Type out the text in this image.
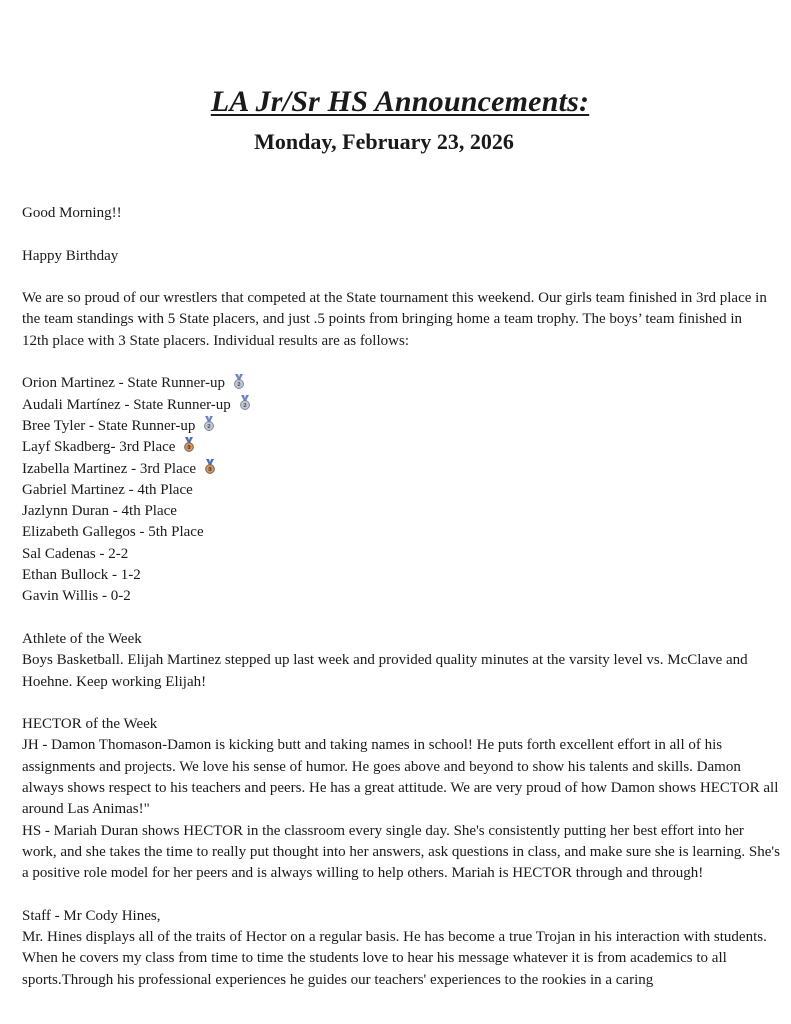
LA Jr/Sr HS Announcements:
Monday, February 23, 2026

Good Morning!!

Happy Birthday

We are so proud of our wrestlers that competed at the State tournament this weekend. Our girls team finished in 3rd place in the team standings with 5 State placers, and just .5 points from bringing home a team trophy. The boys’ team finished in 12th place with 3 State placers. Individual results are as follows:

Orion Martinez - State Runner-up 2
Audali Martínez - State Runner-up 2
Bree Tyler - State Runner-up 2
Layf Skadberg- 3rd Place 3
Izabella Martinez - 3rd Place 3
Gabriel Martinez - 4th Place
Jazlynn Duran - 4th Place
Elizabeth Gallegos - 5th Place
Sal Cadenas - 2-2
Ethan Bullock - 1-2
Gavin Willis - 0-2

Athlete of the Week

Boys Basketball. Elijah Martinez stepped up last week and provided quality minutes at the varsity level vs. McClave and Hoehne. Keep working Elijah!

HECTOR of the Week

JH - Damon Thomason-Damon is kicking butt and taking names in school! He puts forth excellent effort in all of his assignments and projects. We love his sense of humor. He goes above and beyond to show his talents and skills. Damon always shows respect to his teachers and peers. He has a great attitude. We are very proud of how Damon shows HECTOR all around Las Animas!"

HS - Mariah Duran shows HECTOR in the classroom every single day. She's consistently putting her best effort into her work, and she takes the time to really put thought into her answers, ask questions in class, and make sure she is learning. She's a positive role model for her peers and is always willing to help others. Mariah is HECTOR through and through!

Staff - Mr Cody Hines,

Mr. Hines displays all of the traits of Hector on a regular basis. He has become a true Trojan in his interaction with students. When he covers my class from time to time the students love to hear his message whatever it is from academics to all sports.Through his professional experiences he guides our teachers' experiences to the rookies in a caring
